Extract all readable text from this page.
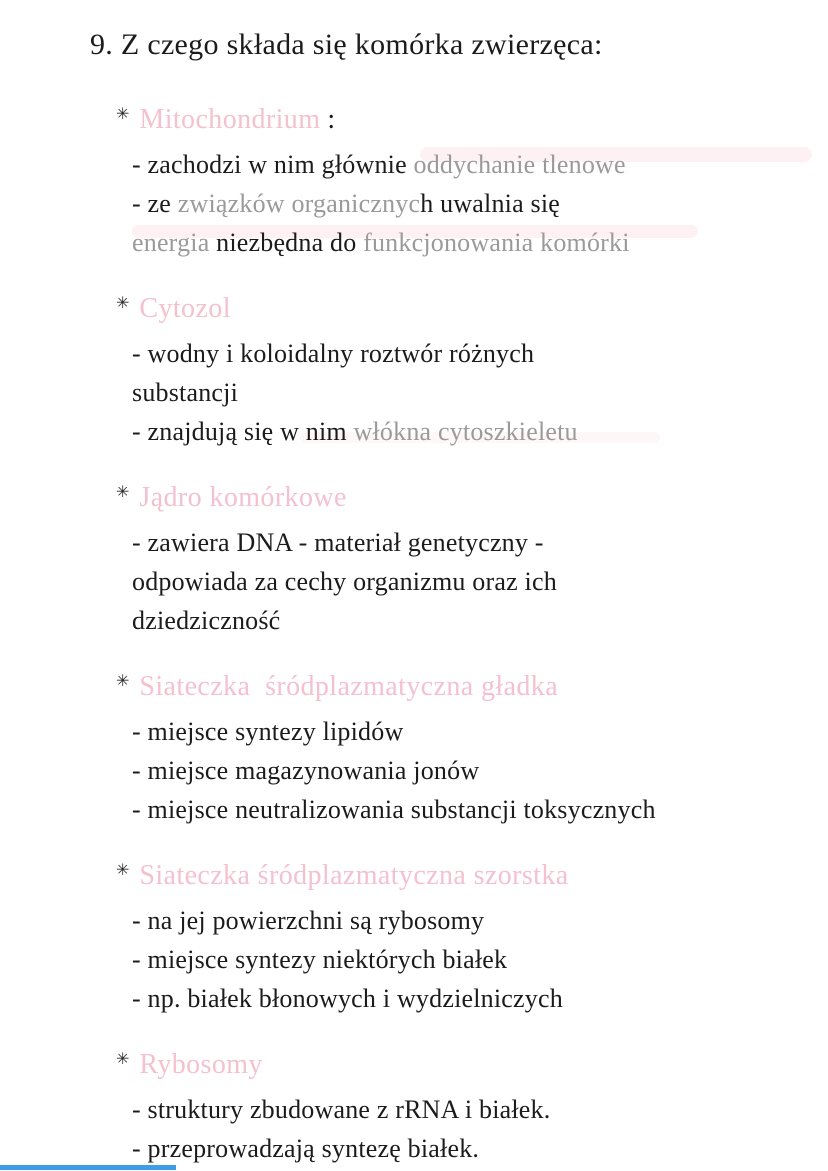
9. Z czego składa się komórka zwierzęca:
✳ Mitochondrium :
- zachodzi w nim głównie oddychanie tlenowe
- ze związków organicznych uwalnia się
energia niezbędna do funkcjonowania komórki
✳ Cytozol
- wodny i koloidalny roztwór różnych
substancji
- znajdują się w nim włókna cytoszkieletu
✳ Jądro komórkowe
- zawiera DNA - materiał genetyczny -
odpowiada za cechy organizmu oraz ich
dziedziczność
✳ Siateczka  śródplazmatyczna gładka
- miejsce syntezy lipidów
- miejsce magazynowania jonów
- miejsce neutralizowania substancji toksycznych
✳ Siateczka śródplazmatyczna szorstka
- na jej powierzchni są rybosomy
- miejsce syntezy niektórych białek
- np. białek błonowych i wydzielniczych
✳ Rybosomy
- struktury zbudowane z rRNA i białek.
- przeprowadzają syntezę białek.
